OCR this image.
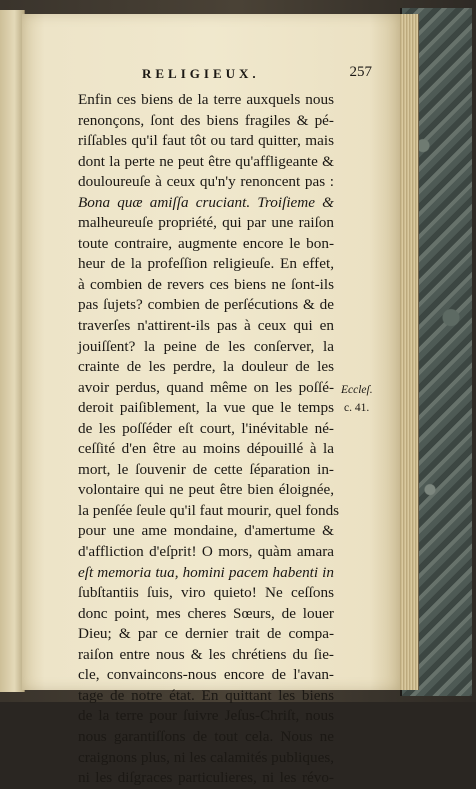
RELIGIEUX.	257
Enfin ces biens de la terre auxquels nous
renonçons, ſont des biens fragiles & pé-
riſſables qu'il faut tôt ou tard quitter, mais
dont la perte ne peut être qu'affligeante &
douloureuſe à ceux qu'n'y renoncent pas :
Bona quæ amiſſa cruciant. Troiſieme &
malheureuſe propriété, qui par une raiſon
toute contraire, augmente encore le bon-
heur de la profeſſion religieuſe. En effet,
à combien de revers ces biens ne ſont-ils
pas ſujets? combien de perſécutions & de
traverſes n'attirent-ils pas à ceux qui en
jouiſſent? la peine de les conſerver, la
crainte de les perdre, la douleur de les
avoir perdus, quand même on les poſſé-
deroit paiſiblement, la vue que le temps
de les poſſéder eſt court, l'inévitable né-
ceſſité d'en être au moins dépouillé à la
mort, le ſouvenir de cette ſéparation in-
volontaire qui ne peut être bien éloignée,
la penſée ſeule qu'il faut mourir, quel fonds
pour une ame mondaine, d'amertume &
d'affliction d'eſprit! O mors, quàm amara
eſt memoria tua, homini pacem habenti in
ſubſtantiis ſuis, viro quieto! Ne ceſſons
donc point, mes cheres Sœurs, de louer
Dieu; & par ce dernier trait de compa-
raiſon entre nous & les chrétiens du ſie-
cle, convaincons-nous encore de l'avan-
tage de notre état. En quittant les biens
de la terre pour ſuivre Jeſus-Chriſt, nous
nous garantiſſons de tout cela. Nous ne
craignons plus, ni les calamités publiques,
ni les diſgraces particulieres, ni les révo-
Eccleſ.
c. 41.
